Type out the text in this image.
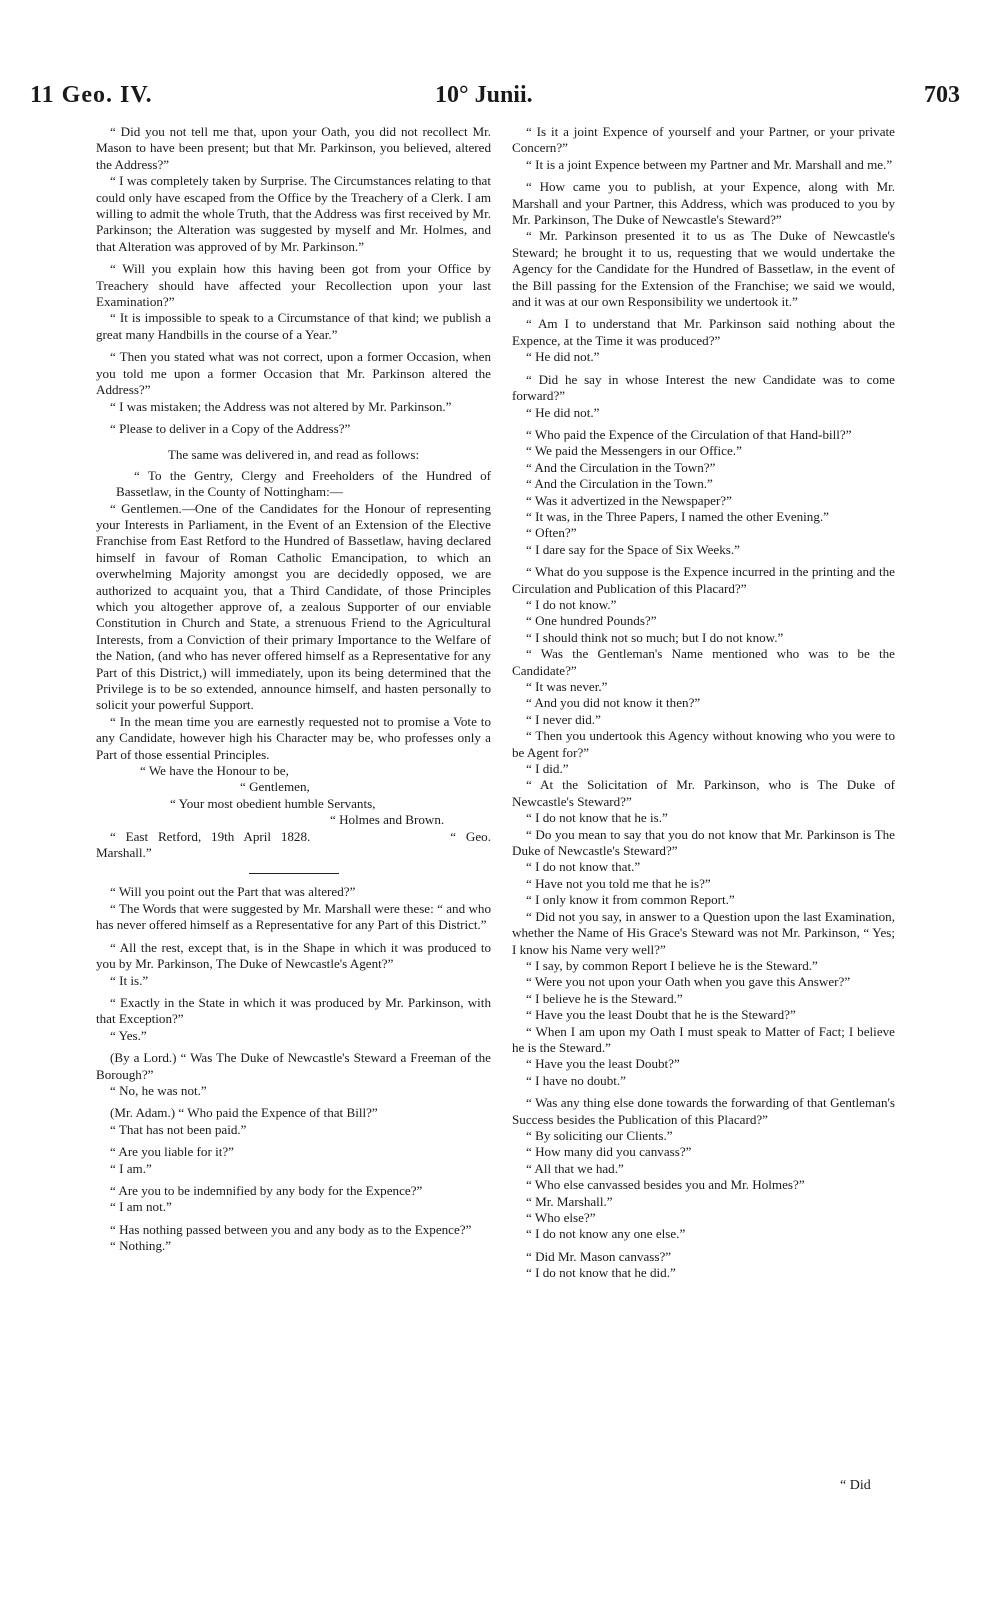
11 Geo. IV.	10° Junii.	703

“ Did you not tell me that, upon your Oath, you did not recollect Mr. Mason to have been present; but that Mr. Parkinson, you believed, altered the Address?”

“ I was completely taken by Surprise. The Circumstances relating to that could only have escaped from the Office by the Treachery of a Clerk. I am willing to admit the whole Truth, that the Address was first received by Mr. Parkinson; the Alteration was suggested by myself and Mr. Holmes, and that Alteration was approved of by Mr. Parkinson.”

“ Will you explain how this having been got from your Office by Treachery should have affected your Recollection upon your last Examination?”

“ It is impossible to speak to a Circumstance of that kind; we publish a great many Handbills in the course of a Year.”

“ Then you stated what was not correct, upon a former Occasion, when you told me upon a former Occasion that Mr. Parkinson altered the Address?”

“ I was mistaken; the Address was not altered by Mr. Parkinson.”

“ Please to deliver in a Copy of the Address?”

The same was delivered in, and read as follows:

“ To the Gentry, Clergy and Freeholders of the Hundred of Bassetlaw, in the County of Nottingham:—

“ Gentlemen.—One of the Candidates for the Honour of representing your Interests in Parliament, in the Event of an Extension of the Elective Franchise from East Retford to the Hundred of Bassetlaw, having declared himself in favour of Roman Catholic Emancipation, to which an overwhelming Majority amongst you are decidedly opposed, we are authorized to acquaint you, that a Third Candidate, of those Principles which you altogether approve of, a zealous Supporter of our enviable Constitution in Church and State, a strenuous Friend to the Agricultural Interests, from a Conviction of their primary Importance to the Welfare of the Nation, (and who has never offered himself as a Representative for any Part of this District,) will immediately, upon its being determined that the Privilege is to be so extended, announce himself, and hasten personally to solicit your powerful Support.

“ In the mean time you are earnestly requested not to promise a Vote to any Candidate, however high his Character may be, who professes only a Part of those essential Principles.

“ We have the Honour to be,
“ Gentlemen,
“ Your most obedient humble Servants,
“ Holmes and Brown.
“ East Retford, 19th April 1828.	“ Geo. Marshall.”

“ Will you point out the Part that was altered?”

“ The Words that were suggested by Mr. Marshall were these: “ and who has never offered himself as a Representative for any Part of this District.”

“ All the rest, except that, is in the Shape in which it was produced to you by Mr. Parkinson, The Duke of Newcastle's Agent?”

“ It is.”

“ Exactly in the State in which it was produced by Mr. Parkinson, with that Exception?”

“ Yes.”

(By a Lord.) “ Was The Duke of Newcastle's Steward a Freeman of the Borough?”

“ No, he was not.”

(Mr. Adam.) “ Who paid the Expence of that Bill?”

“ That has not been paid.”

“ Are you liable for it?”

“ I am.”

“ Are you to be indemnified by any body for the Expence?”

“ I am not.”

“ Has nothing passed between you and any body as to the Expence?”

“ Nothing.”

“ Is it a joint Expence of yourself and your Partner, or your private Concern?”

“ It is a joint Expence between my Partner and Mr. Marshall and me.”

“ How came you to publish, at your Expence, along with Mr. Marshall and your Partner, this Address, which was produced to you by Mr. Parkinson, The Duke of Newcastle's Steward?”

“ Mr. Parkinson presented it to us as The Duke of Newcastle's Steward; he brought it to us, requesting that we would undertake the Agency for the Candidate for the Hundred of Bassetlaw, in the event of the Bill passing for the Extension of the Franchise; we said we would, and it was at our own Responsibility we undertook it.”

“ Am I to understand that Mr. Parkinson said nothing about the Expence, at the Time it was produced?”

“ He did not.”

“ Did he say in whose Interest the new Candidate was to come forward?”

“ He did not.”

“ Who paid the Expence of the Circulation of that Hand-bill?”

“ We paid the Messengers in our Office.”

“ And the Circulation in the Town?”

“ And the Circulation in the Town.”

“ Was it advertized in the Newspaper?”

“ It was, in the Three Papers, I named the other Evening.”

“ Often?”

“ I dare say for the Space of Six Weeks.”

“ What do you suppose is the Expence incurred in the printing and the Circulation and Publication of this Placard?”

“ I do not know.”

“ One hundred Pounds?”

“ I should think not so much; but I do not know.”

“ Was the Gentleman's Name mentioned who was to be the Candidate?”

“ It was never.”

“ And you did not know it then?”

“ I never did.”

“ Then you undertook this Agency without knowing who you were to be Agent for?”

“ I did.”

“ At the Solicitation of Mr. Parkinson, who is The Duke of Newcastle's Steward?”

“ I do not know that he is.”

“ Do you mean to say that you do not know that Mr. Parkinson is The Duke of Newcastle's Steward?”

“ I do not know that.”

“ Have not you told me that he is?”

“ I only know it from common Report.”

“ Did not you say, in answer to a Question upon the last Examination, whether the Name of His Grace's Steward was not Mr. Parkinson, “ Yes; I know his Name very well?”

“ I say, by common Report I believe he is the Steward.”

“ Were you not upon your Oath when you gave this Answer?”

“ I believe he is the Steward.”

“ Have you the least Doubt that he is the Steward?”

“ When I am upon my Oath I must speak to Matter of Fact; I believe he is the Steward.”

“ Have you the least Doubt?”

“ I have no doubt.”

“ Was any thing else done towards the forwarding of that Gentleman's Success besides the Publication of this Placard?”

“ By soliciting our Clients.”

“ How many did you canvass?”

“ All that we had.”

“ Who else canvassed besides you and Mr. Holmes?”

“ Mr. Marshall.”

“ Who else?”

“ I do not know any one else.”

“ Did Mr. Mason canvass?”

“ I do not know that he did.”

“ Did
